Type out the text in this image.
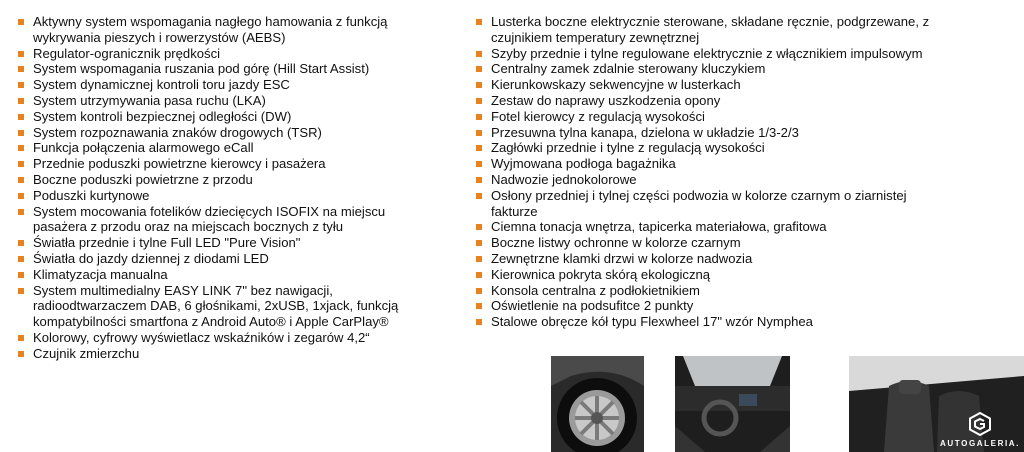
Aktywny system wspomagania nagłego hamowania z funkcją wykrywania pieszych i rowerzystów (AEBS)
Regulator-ogranicznik prędkości
System wspomagania ruszania pod górę (Hill Start Assist)
System dynamicznej kontroli toru jazdy ESC
System utrzymywania pasa ruchu (LKA)
System kontroli bezpiecznej odległości (DW)
System rozpoznawania znaków drogowych (TSR)
Funkcja połączenia alarmowego eCall
Przednie poduszki powietrzne kierowcy i pasażera
Boczne poduszki powietrzne z przodu
Poduszki kurtynowe
System mocowania fotelików dziecięcych ISOFIX na miejscu pasażera z przodu oraz na miejscach bocznych z tyłu
Światła przednie i tylne Full LED "Pure Vision"
Światła do jazdy dziennej z diodami LED
Klimatyzacja manualna
System multimedialny EASY LINK 7" bez nawigacji, radioodtwarzaczem DAB, 6 głośnikami, 2xUSB, 1xjack, funkcją kompatybilności smartfona z Android Auto® i Apple CarPlay®
Kolorowy, cyfrowy wyświetlacz wskaźników i zegarów 4,2“
Czujnik zmierzchu
Lusterka boczne elektrycznie sterowane, składane ręcznie, podgrzewane, z czujnikiem temperatury zewnętrznej
Szyby przednie i tylne regulowane elektrycznie z włącznikiem impulsowym
Centralny zamek zdalnie sterowany kluczykiem
Kierunkowskazy sekwencyjne w lusterkach
Zestaw do naprawy uszkodzenia opony
Fotel kierowcy z regulacją wysokości
Przesuwna tylna kanapa, dzielona w układzie 1/3-2/3
Zagłówki przednie i tylne z regulacją wysokości
Wyjmowana podłoga bagażnika
Nadwozie jednokolorowe
Osłony przedniej i tylnej części podwozia w kolorze czarnym o ziarnistej fakturze
Ciemna tonacja wnętrza, tapicerka materiałowa, grafitowa
Boczne listwy ochronne w kolorze czarnym
Zewnętrzne klamki drzwi w kolorze nadwozia
Kierownica pokryta skórą ekologiczną
Konsola centralna z podłokietnikiem
Oświetlenie na podsufitce 2 punkty
Stalowe obręcze kół typu Flexwheel 17" wzór Nymphea
AUTOGALERIA.
